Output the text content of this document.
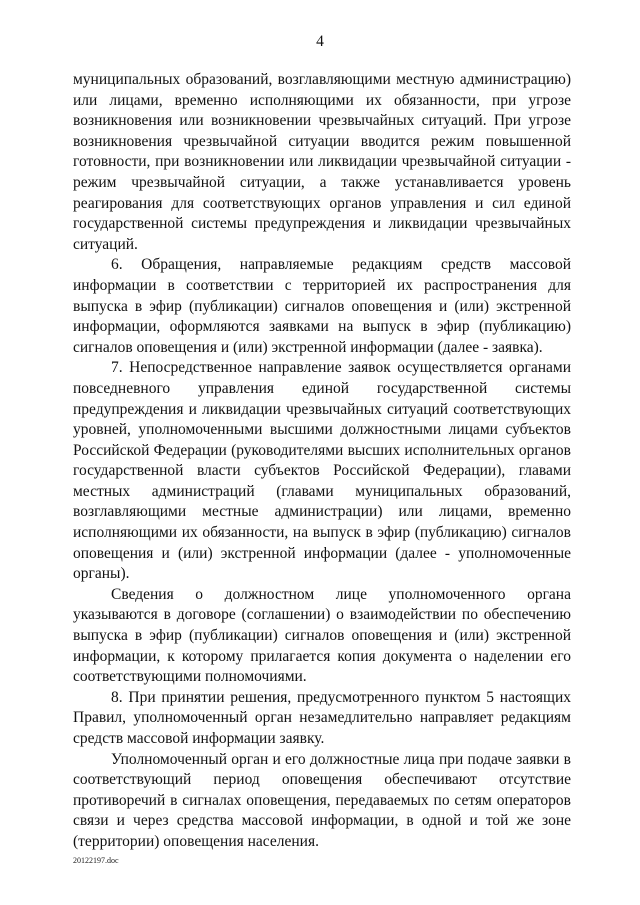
4

муниципальных образований, возглавляющими местную администрацию) или лицами, временно исполняющими их обязанности, при угрозе возникновения или возникновении чрезвычайных ситуаций. При угрозе возникновения чрезвычайной ситуации вводится режим повышенной готовности, при возникновении или ликвидации чрезвычайной ситуации - режим чрезвычайной ситуации, а также устанавливается уровень реагирования для соответствующих органов управления и сил единой государственной системы предупреждения и ликвидации чрезвычайных ситуаций.

6. Обращения, направляемые редакциям средств массовой информации в соответствии с территорией их распространения для выпуска в эфир (публикации) сигналов оповещения и (или) экстренной информации, оформляются заявками на выпуск в эфир (публикацию) сигналов оповещения и (или) экстренной информации (далее - заявка).

7. Непосредственное направление заявок осуществляется органами повседневного управления единой государственной системы предупреждения и ликвидации чрезвычайных ситуаций соответствующих уровней, уполномоченными высшими должностными лицами субъектов Российской Федерации (руководителями высших исполнительных органов государственной власти субъектов Российской Федерации), главами местных администраций (главами муниципальных образований, возглавляющими местные администрации) или лицами, временно исполняющими их обязанности, на выпуск в эфир (публикацию) сигналов оповещения и (или) экстренной информации (далее - уполномоченные органы).

Сведения о должностном лице уполномоченного органа указываются в договоре (соглашении) о взаимодействии по обеспечению выпуска в эфир (публикации) сигналов оповещения и (или) экстренной информации, к которому прилагается копия документа о наделении его соответствующими полномочиями.

8. При принятии решения, предусмотренного пунктом 5 настоящих Правил, уполномоченный орган незамедлительно направляет редакциям средств массовой информации заявку.

Уполномоченный орган и его должностные лица при подаче заявки в соответствующий период оповещения обеспечивают отсутствие противоречий в сигналах оповещения, передаваемых по сетям операторов связи и через средства массовой информации, в одной и той же зоне (территории) оповещения населения.

20122197.doc
